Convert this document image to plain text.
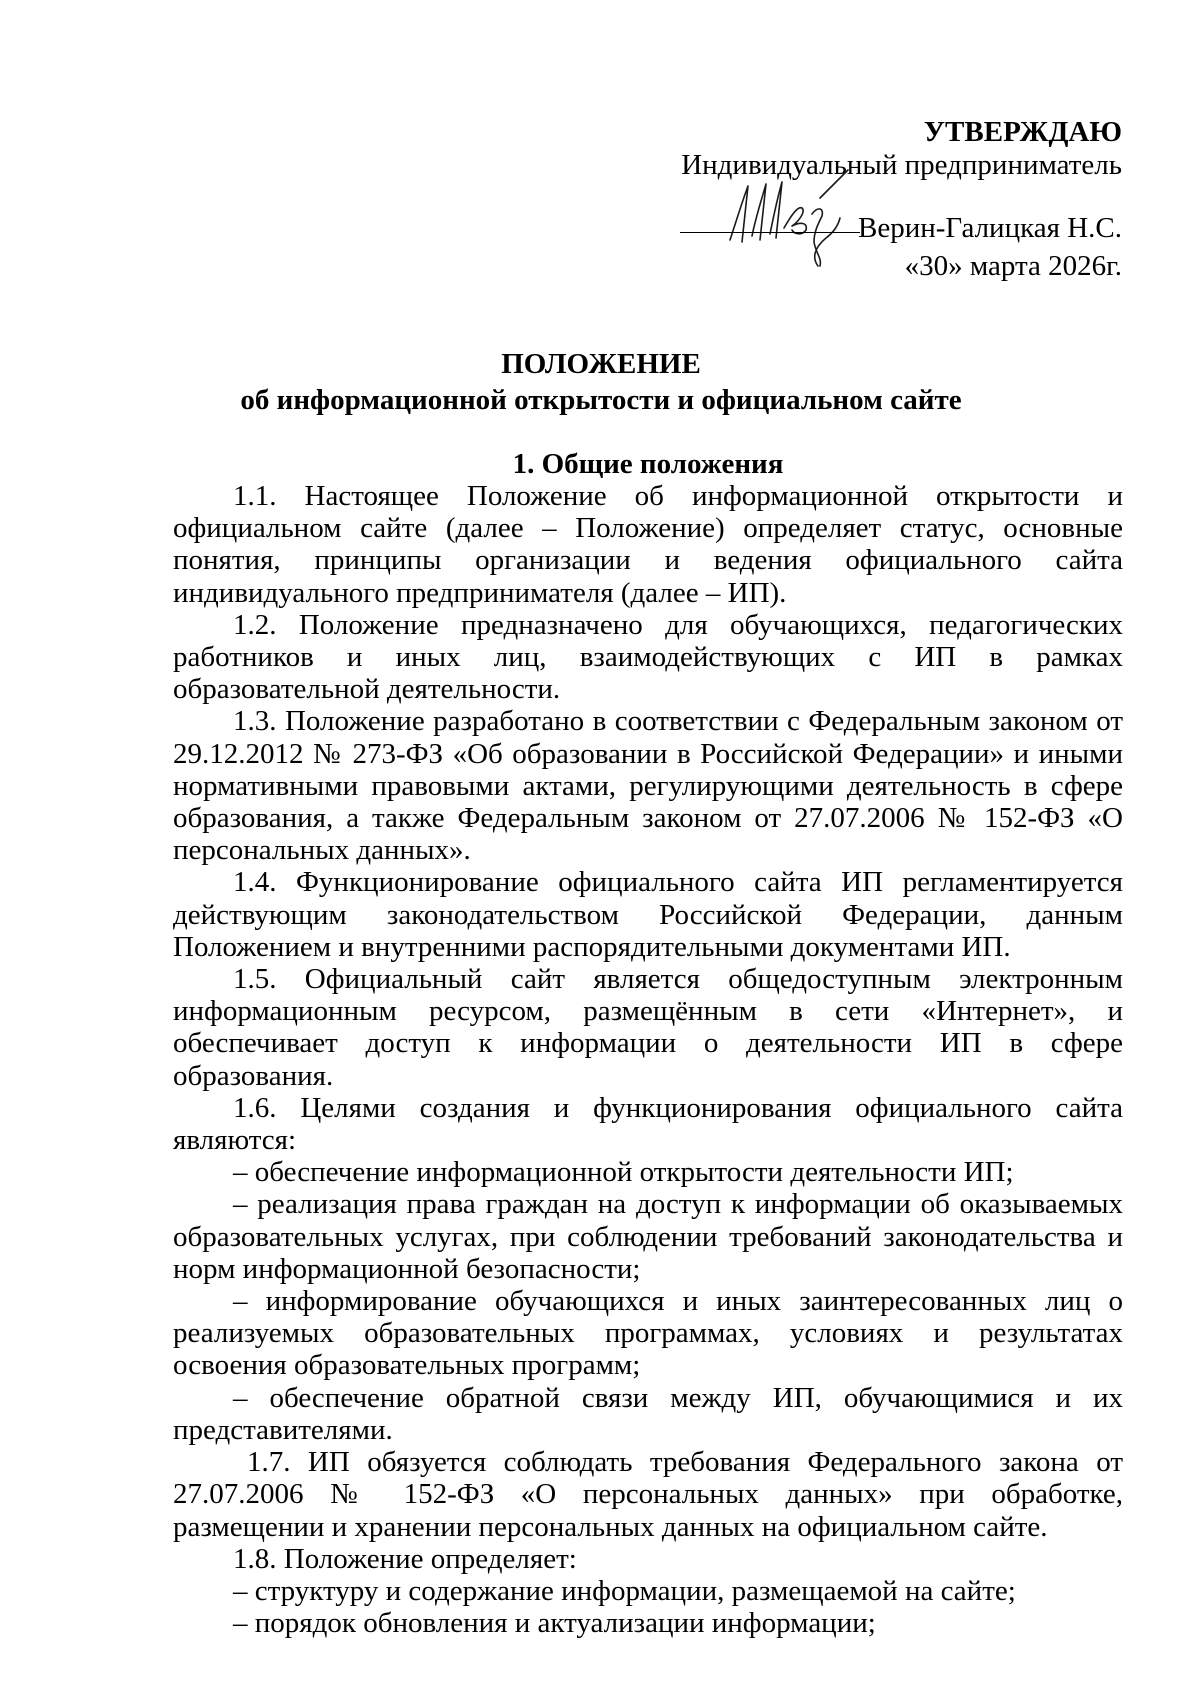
УТВЕРЖДАЮ
Индивидуальный предприниматель
Верин-Галицкая Н.С.
«30» марта 2026г.
ПОЛОЖЕНИЕ
об информационной открытости и официальном сайте
1. Общие положения

1.1. Настоящее Положение об информационной открытости и официальном сайте (далее – Положение) определяет статус, основные понятия, принципы организации и ведения официального сайта индивидуального предпринимателя (далее – ИП).

1.2. Положение предназначено для обучающихся, педагогических работников и иных лиц, взаимодействующих с ИП в рамках образовательной деятельности.

1.3. Положение разработано в соответствии с Федеральным законом от 29.12.2012 № 273-ФЗ «Об образовании в Российской Федерации» и иными нормативными правовыми актами, регулирующими деятельность в сфере образования, а также Федеральным законом от 27.07.2006 № 152-ФЗ «О персональных данных».

1.4. Функционирование официального сайта ИП регламентируется действующим законодательством Российской Федерации, данным Положением и внутренними распорядительными документами ИП.

1.5. Официальный сайт является общедоступным электронным информационным ресурсом, размещённым в сети «Интернет», и обеспечивает доступ к информации о деятельности ИП в сфере образования.

1.6. Целями создания и функционирования официального сайта являются:

– обеспечение информационной открытости деятельности ИП;

– реализация права граждан на доступ к информации об оказываемых образовательных услугах, при соблюдении требований законодательства и норм информационной безопасности;

– информирование обучающихся и иных заинтересованных лиц о реализуемых образовательных программах, условиях и результатах освоения образовательных программ;

– обеспечение обратной связи между ИП, обучающимися и их представителями.

1.7. ИП обязуется соблюдать требования Федерального закона от 27.07.2006 № 152-ФЗ «О персональных данных» при обработке, размещении и хранении персональных данных на официальном сайте.

1.8. Положение определяет:

– структуру и содержание информации, размещаемой на сайте;

– порядок обновления и актуализации информации;
